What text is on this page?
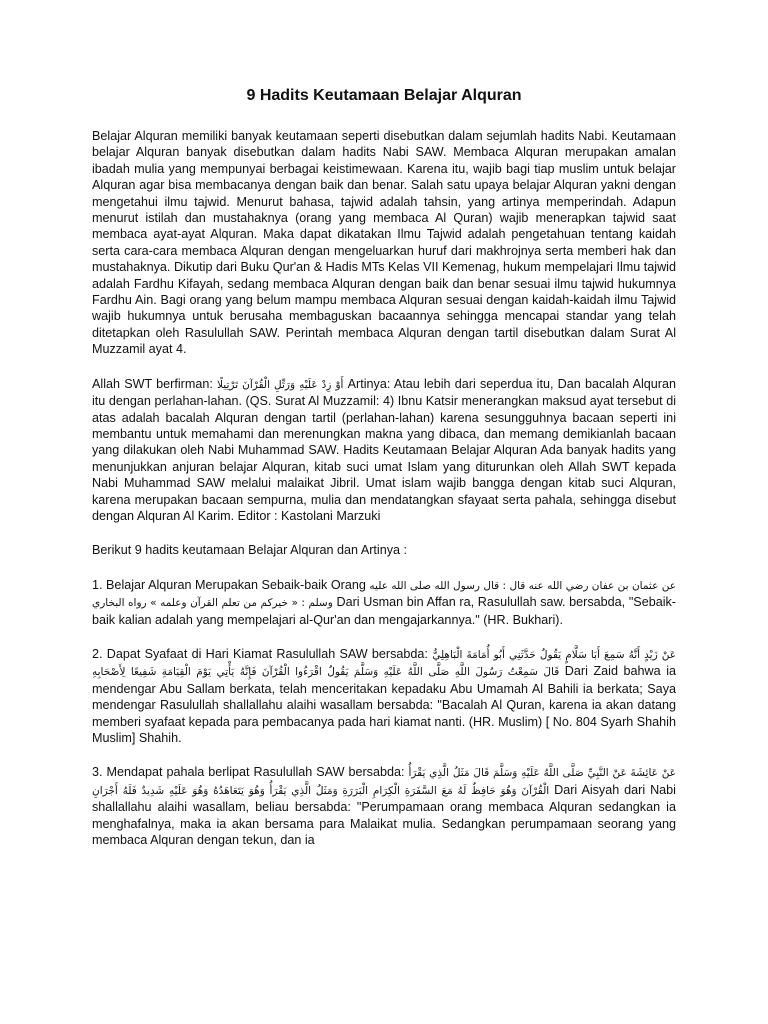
9 Hadits Keutamaan Belajar Alquran

Belajar Alquran memiliki banyak keutamaan seperti disebutkan dalam sejumlah hadits Nabi. Keutamaan belajar Alquran banyak disebutkan dalam hadits Nabi SAW. Membaca Alquran merupakan amalan ibadah mulia yang mempunyai berbagai keistimewaan. Karena itu, wajib bagi tiap muslim untuk belajar Alquran agar bisa membacanya dengan baik dan benar. Salah satu upaya belajar Alquran yakni dengan mengetahui ilmu tajwid. Menurut bahasa, tajwid adalah tahsin, yang artinya memperindah. Adapun menurut istilah dan mustahaknya (orang yang membaca Al Quran) wajib menerapkan tajwid saat membaca ayat-ayat Alquran. Maka dapat dikatakan Ilmu Tajwid adalah pengetahuan tentang kaidah serta cara-cara membaca Alquran dengan mengeluarkan huruf dari makhrojnya serta memberi hak dan mustahaknya. Dikutip dari Buku Qur'an & Hadis MTs Kelas VII Kemenag, hukum mempelajari Ilmu tajwid adalah Fardhu Kifayah, sedang membaca Alquran dengan baik dan benar sesuai ilmu tajwid hukumnya Fardhu Ain. Bagi orang yang belum mampu membaca Alquran sesuai dengan kaidah-kaidah ilmu Tajwid wajib hukumnya untuk berusaha membaguskan bacaannya sehingga mencapai standar yang telah ditetapkan oleh Rasulullah SAW. Perintah membaca Alquran dengan tartil disebutkan dalam Surat Al Muzzamil ayat 4.

Allah SWT berfirman: أَوْ زِدْ عَلَيْهِ وَرَتِّلِ الْقُرْآنَ تَرْتِيلًا Artinya: Atau lebih dari seperdua itu, Dan bacalah Alquran itu dengan perlahan-lahan. (QS. Surat Al Muzzamil: 4) Ibnu Katsir menerangkan maksud ayat tersebut di atas adalah bacalah Alquran dengan tartil (perlahan-lahan) karena sesungguhnya bacaan seperti ini membantu untuk memahami dan merenungkan makna yang dibaca, dan memang demikianlah bacaan yang dilakukan oleh Nabi Muhammad SAW. Hadits Keutamaan Belajar Alquran Ada banyak hadits yang menunjukkan anjuran belajar Alquran, kitab suci umat Islam yang diturunkan oleh Allah SWT kepada Nabi Muhammad SAW melalui malaikat Jibril. Umat islam wajib bangga dengan kitab suci Alquran, karena merupakan bacaan sempurna, mulia dan mendatangkan sfayaat serta pahala, sehingga disebut dengan Alquran Al Karim. Editor : Kastolani Marzuki

Berikut 9 hadits keutamaan Belajar Alquran dan Artinya :

1. Belajar Alquran Merupakan Sebaik-baik Orang عن عثمان بن عفان رضي الله عنه قال : قال رسول الله صلى الله عليه وسلم : « خيركم من تعلم القرآن وعلمه » رواه البخاري Dari Usman bin Affan ra, Rasulullah saw. bersabda, "Sebaik-baik kalian adalah yang mempelajari al-Qur'an dan mengajarkannya." (HR. Bukhari).

2. Dapat Syafaat di Hari Kiamat Rasulullah SAW bersabda: عَنْ زَيْدٍ أَنَّهُ سَمِعَ أَبَا سَلَّامٍ يَقُولُ حَدَّثَنِي أَبُو أُمَامَةَ الْبَاهِلِيُّ قَالَ سَمِعْتُ رَسُولَ اللَّهِ صَلَّى اللَّهُ عَلَيْهِ وَسَلَّمَ يَقُولُ اقْرَءُوا الْقُرْآنَ فَإِنَّهُ يَأْتِي يَوْمَ الْقِيَامَةِ شَفِيعًا لِأَصْحَابِهِ Dari Zaid bahwa ia mendengar Abu Sallam berkata, telah menceritakan kepadaku Abu Umamah Al Bahili ia berkata; Saya mendengar Rasulullah shallallahu alaihi wasallam bersabda: "Bacalah Al Quran, karena ia akan datang memberi syafaat kepada para pembacanya pada hari kiamat nanti. (HR. Muslim) [ No. 804 Syarh Shahih Muslim] Shahih.

3. Mendapat pahala berlipat Rasulullah SAW bersabda: عَنْ عَائِشَةَ عَنْ النَّبِيِّ صَلَّى اللَّهُ عَلَيْهِ وَسَلَّمَ قَالَ مَثَلُ الَّذِي يَقْرَأُ الْقُرْآنَ وَهُوَ حَافِظٌ لَهُ مَعَ السَّفَرَةِ الْكِرَامِ الْبَرَرَةِ وَمَثَلُ الَّذِي يَقْرَأُ وَهُوَ يَتَعَاهَدُهُ وَهُوَ عَلَيْهِ شَدِيدٌ فَلَهُ أَجْرَانِ Dari Aisyah dari Nabi shallallahu alaihi wasallam, beliau bersabda: "Perumpamaan orang membaca Alquran sedangkan ia menghafalnya, maka ia akan bersama para Malaikat mulia. Sedangkan perumpamaan seorang yang membaca Alquran dengan tekun, dan ia
